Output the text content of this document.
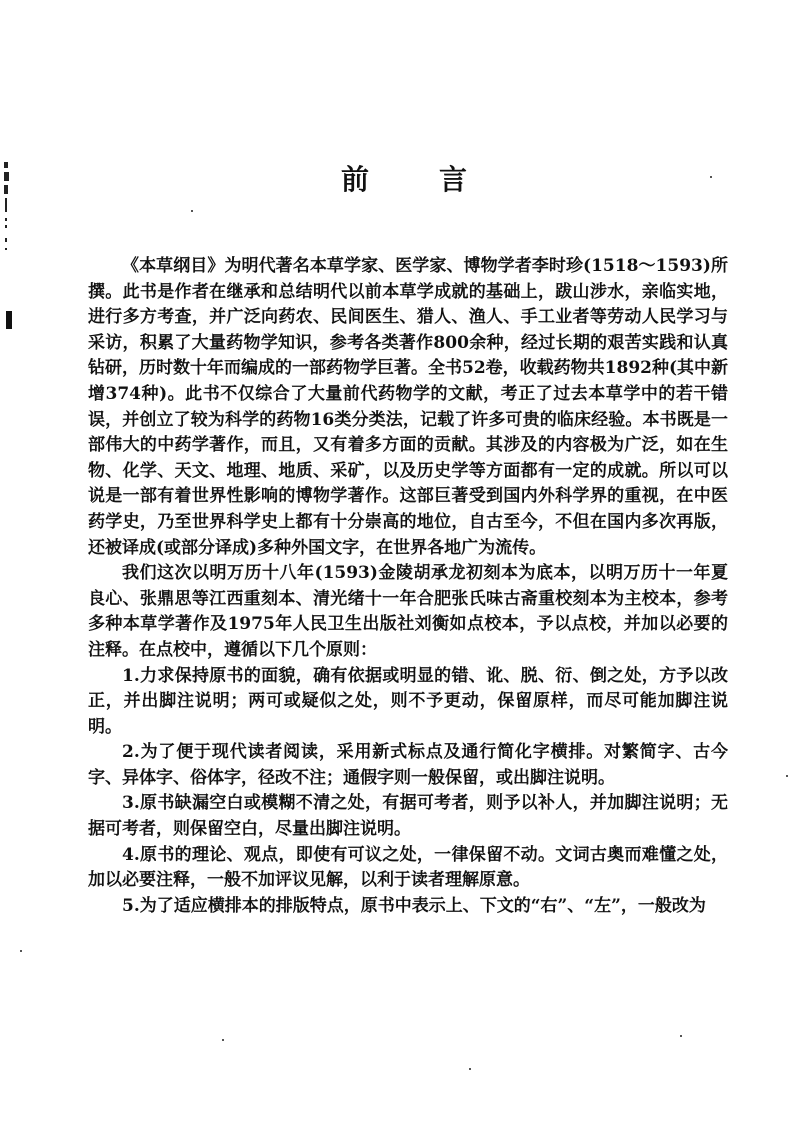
前 言

《本草纲目》为明代著名本草学家、医学家、博物学者李时珍(1518～1593)所撰。此书是作者在继承和总结明代以前本草学成就的基础上，跋山涉水，亲临实地，进行多方考查，并广泛向药农、民间医生、猎人、渔人、手工业者等劳动人民学习与采访，积累了大量药物学知识，参考各类著作800余种，经过长期的艰苦实践和认真钻研，历时数十年而编成的一部药物学巨著。全书52卷，收载药物共1892种(其中新增374种)。此书不仅综合了大量前代药物学的文献，考正了过去本草学中的若干错误，并创立了较为科学的药物16类分类法，记载了许多可贵的临床经验。本书既是一部伟大的中药学著作，而且，又有着多方面的贡献。其涉及的内容极为广泛，如在生物、化学、天文、地理、地质、采矿，以及历史学等方面都有一定的成就。所以可以说是一部有着世界性影响的博物学著作。这部巨著受到国内外科学界的重视，在中医药学史，乃至世界科学史上都有十分崇高的地位，自古至今，不但在国内多次再版，还被译成(或部分译成)多种外国文字，在世界各地广为流传。

我们这次以明万历十八年(1593)金陵胡承龙初刻本为底本，以明万历十一年夏良心、张鼎思等江西重刻本、清光绪十一年合肥张氏味古斋重校刻本为主校本，参考多种本草学著作及1975年人民卫生出版社刘衡如点校本，予以点校，并加以必要的注释。在点校中，遵循以下几个原则：

1.力求保持原书的面貌，确有依据或明显的错、讹、脱、衍、倒之处，方予以改正，并出脚注说明；两可或疑似之处，则不予更动，保留原样，而尽可能加脚注说明。

2.为了便于现代读者阅读，采用新式标点及通行简化字横排。对繁简字、古今字、异体字、俗体字，径改不注；通假字则一般保留，或出脚注说明。

3.原书缺漏空白或模糊不清之处，有据可考者，则予以补人，并加脚注说明；无据可考者，则保留空白，尽量出脚注说明。

4.原书的理论、观点，即使有可议之处，一律保留不动。文词古奥而难懂之处，加以必要注释，一般不加评议见解，以利于读者理解原意。

5.为了适应横排本的排版特点，原书中表示上、下文的“右”、“左”，一般改为
